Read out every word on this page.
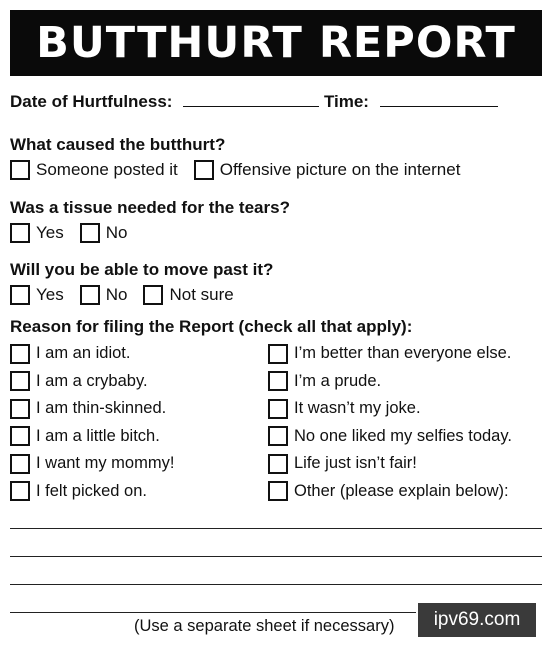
BUTTHURT REPORT
Date of Hurtfulness:	Time:
What caused the butthurt?
Someone posted it Offensive picture on the internet
Was a tissue needed for the tears?
Yes No
Will you be able to move past it?
Yes No Not sure
Reason for filing the Report (check all that apply):
I am an idiot.
I am a crybaby.
I am thin-skinned.
I am a little bitch.
I want my mommy!
I felt picked on.
I’m better than everyone else.
I’m a prude.
It wasn’t my joke.
No one liked my selfies today.
Life just isn’t fair!
Other (please explain below):
(Use a separate sheet if necessary)	ipv69.com
